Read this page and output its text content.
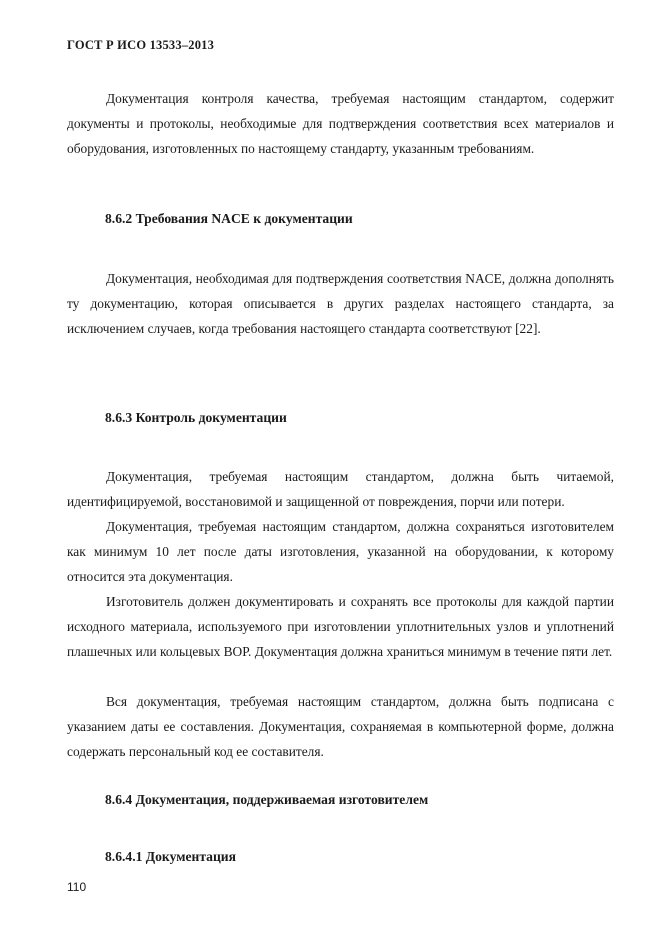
ГОСТ Р ИСО 13533–2013

Документация контроля качества, требуемая настоящим стандартом, содержит документы и протоколы, необходимые для подтверждения соответствия всех материалов и оборудования, изготовленных по настоящему стандарту, указанным требованиям.

8.6.2 Требования NACE к документации

Документация, необходимая для подтверждения соответствия NACE, должна дополнять ту документацию, которая описывается в других разделах настоящего стандарта, за исключением случаев, когда требования настоящего стандарта соответствуют [22].

8.6.3 Контроль документации

Документация, требуемая настоящим стандартом, должна быть читаемой, идентифицируемой, восстановимой и защищенной от повреждения, порчи или потери.

Документация, требуемая настоящим стандартом, должна сохраняться изготовителем как минимум 10 лет после даты изготовления, указанной на оборудовании, к которому относится эта документация.

Изготовитель должен документировать и сохранять все протоколы для каждой партии исходного материала, используемого при изготовлении уплотнительных узлов и уплотнений плашечных или кольцевых ВОР. Документация должна храниться минимум в течение пяти лет.

Вся документация, требуемая настоящим стандартом, должна быть подписана с указанием даты ее составления. Документация, сохраняемая в компьютерной форме, должна содержать персональный код ее составителя.

8.6.4 Документация, поддерживаемая изготовителем
8.6.4.1 Документация
110
